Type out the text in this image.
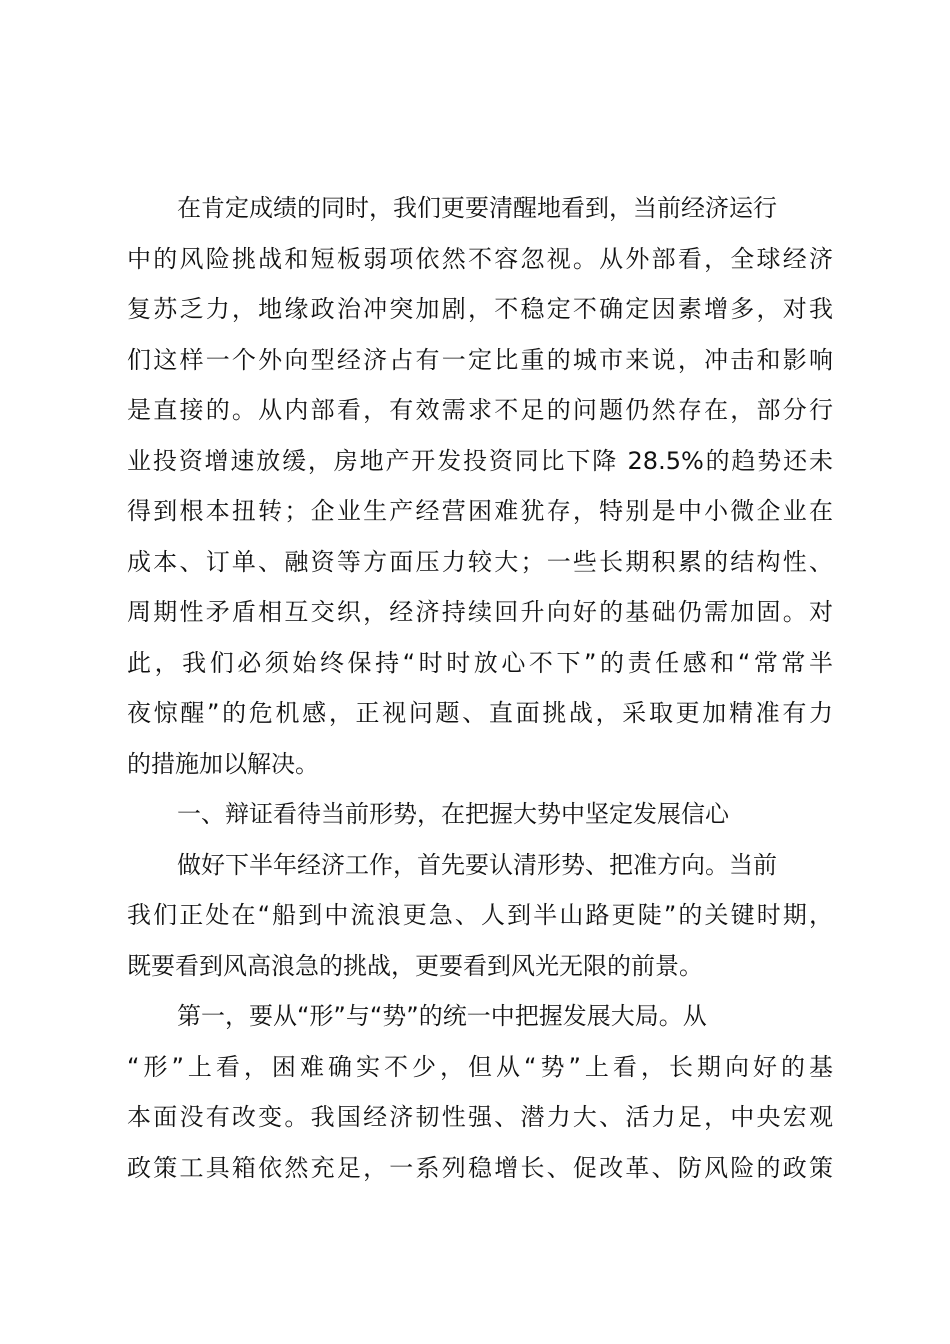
在肯定成绩的同时，我们更要清醒地看到，当前经济运行
中的风险挑战和短板弱项依然不容忽视。从外部看，全球经济
复苏乏力，地缘政治冲突加剧，不稳定不确定因素增多，对我
们这样一个外向型经济占有一定比重的城市来说，冲击和影响
是直接的。从内部看，有效需求不足的问题仍然存在，部分行
业投资增速放缓，房地产开发投资同比下降 28.5%的趋势还未
得到根本扭转；企业生产经营困难犹存，特别是中小微企业在
成本、订单、融资等方面压力较大；一些长期积累的结构性、
周期性矛盾相互交织，经济持续回升向好的基础仍需加固。对
此，我们必须始终保持“时时放心不下”的责任感和“常常半
夜惊醒”的危机感，正视问题、直面挑战，采取更加精准有力
的措施加以解决。
一、辩证看待当前形势，在把握大势中坚定发展信心
做好下半年经济工作，首先要认清形势、把准方向。当前
我们正处在“船到中流浪更急、人到半山路更陡”的关键时期，
既要看到风高浪急的挑战，更要看到风光无限的前景。
第一，要从“形”与“势”的统一中把握发展大局。从
“形”上看，困难确实不少，但从“势”上看，长期向好的基
本面没有改变。我国经济韧性强、潜力大、活力足，中央宏观
政策工具箱依然充足，一系列稳增长、促改革、防风险的政策
